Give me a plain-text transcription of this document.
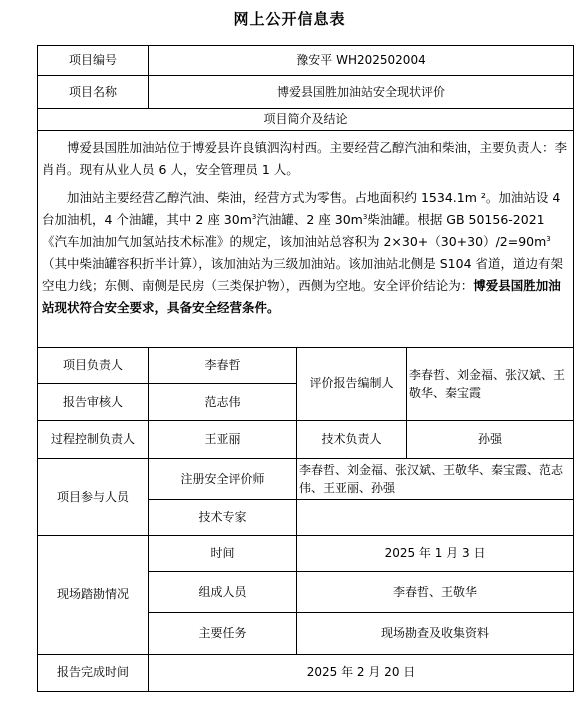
网上公开信息表
项目编号	豫安平 WH202502004		
项目名称	博爱县国胜加油站安全现状评价		
项目简介及结论			

博爱县国胜加油站位于博爱县许良镇泗沟村西。主要经营乙醇汽油和柴油，主要负责人：李肖肖。现有从业人员 6 人，安全管理员 1 人。

加油站主要经营乙醇汽油、柴油，经营方式为零售。占地面积约 1534.1m ²。加油站设 4 台加油机，4 个油罐，其中 2 座 $30m^3$汽油罐、2 座 $30m^3$柴油罐。根据 GB 50156-2021《汽车加油加气加氢站技术标准》的规定，该加油站总容积为 $2\times 30+(30+30)/2=90m^3$（其中柴油罐容积折半计算），该加油站为三级加油站。该加油站北侧是 S104 省道，道边有架空电力线；东侧、南侧是民房（三类保护物），西侧为空地。安全评价结论为：博爱县国胜加油站现状符合安全要求，具备安全经营条件。			

项目负责人	李春哲	评价报告编制人	李春哲、刘金福、张汉斌、王敬华、秦宝霞
报告审核人	范志伟		
过程控制负责人	王亚丽	技术负责人	孙强
项目参与人员	注册安全评价师	李春哲、刘金福、张汉斌、王敬华、秦宝霞、范志伟、王亚丽、孙强	
	技术专家		
现场踏勘情况	时间	2025 年 1 月 3 日	
	组成人员	李春哲、王敬华	
	主要任务	现场勘查及收集资料	
报告完成时间	2025 年 2 月 20 日		
